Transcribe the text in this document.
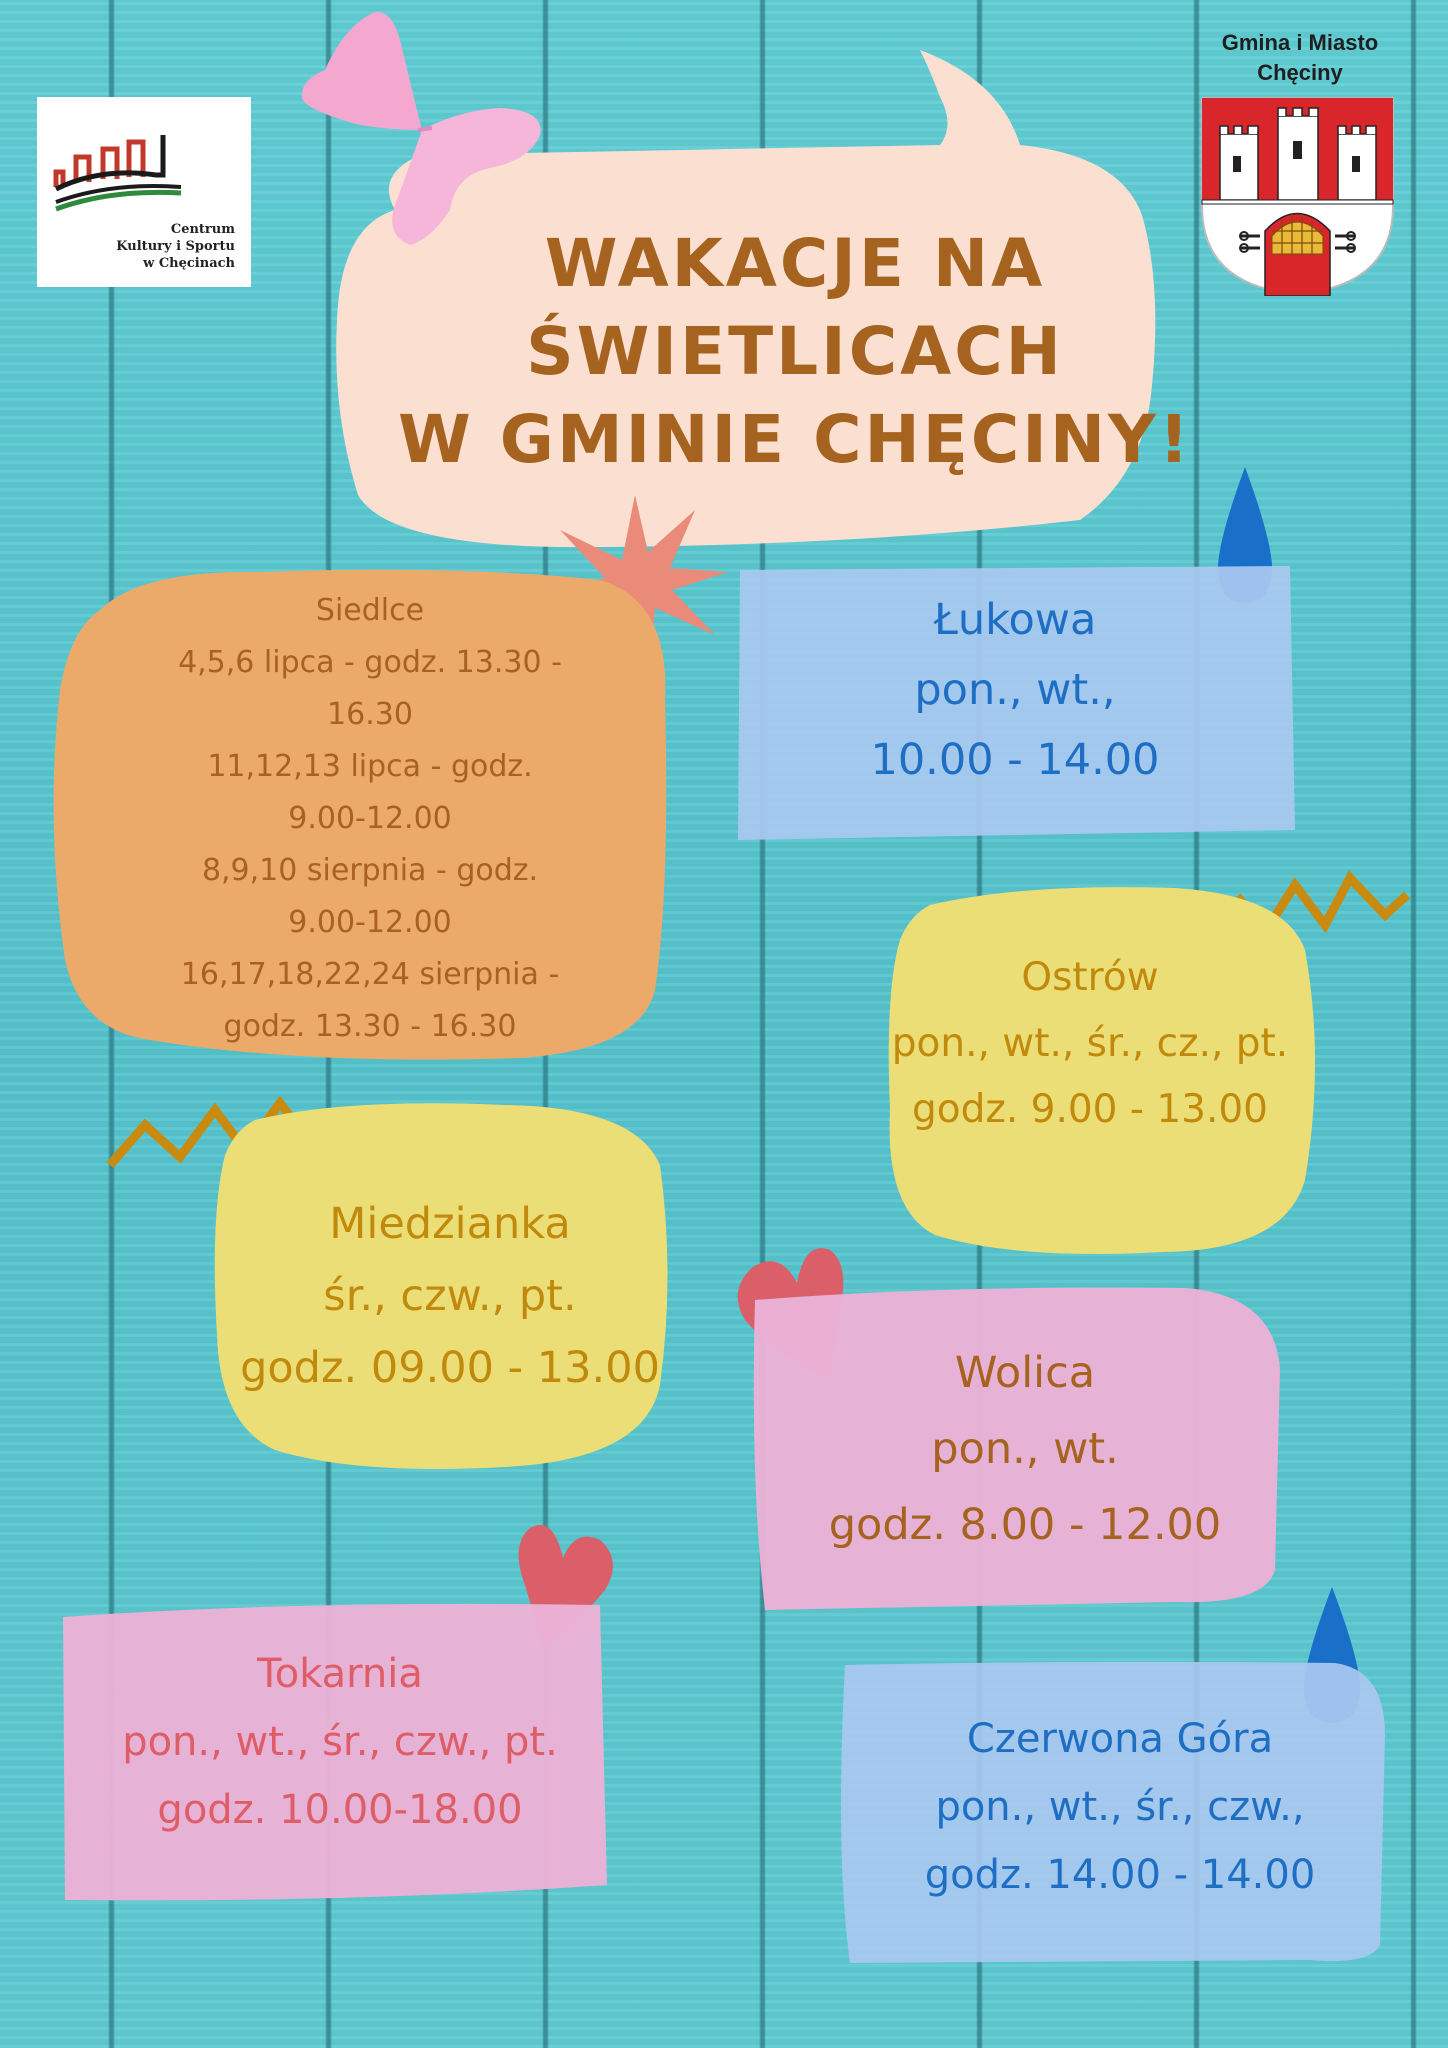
Centrum
Kultury i Sportu
w Chęcinach
Gmina i Miasto
Chęciny
WAKACJE NA
ŚWIETLICACH
W GMINIE CHĘCINY!
Siedlce
4,5,6 lipca - godz. 13.30 -
16.30
11,12,13 lipca - godz.
9.00-12.00
8,9,10 sierpnia - godz.
9.00-12.00
16,17,18,22,24 sierpnia -
godz. 13.30 - 16.30
Łukowa
pon., wt.,
10.00 - 14.00
Ostrów
pon., wt., śr., cz., pt.
godz. 9.00 - 13.00
Miedzianka
śr., czw., pt.
godz. 09.00 - 13.00	Wolica
pon., wt.
godz. 8.00 - 12.00
Tokarnia
pon., wt., śr., czw., pt.
godz. 10.00-18.00
Czerwona Góra
pon., wt., śr., czw.,
godz. 14.00 - 14.00
